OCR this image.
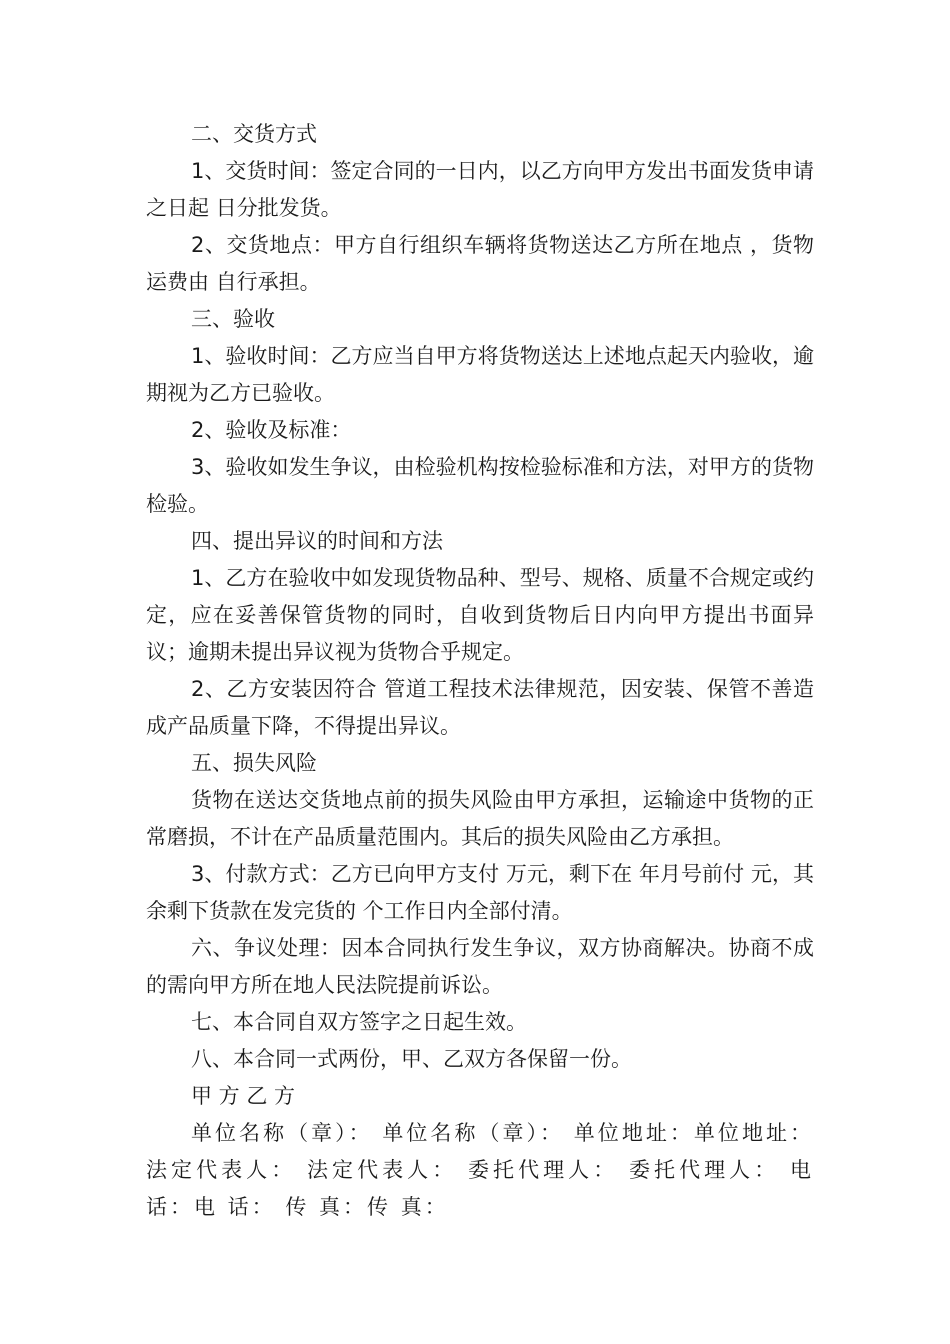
二、交货方式

1、交货时间：签定合同的一日内，以乙方向甲方发出书面发货申请之日起 日分批发货。

2、交货地点：甲方自行组织车辆将货物送达乙方所在地点 ，货物运费由 自行承担。

三、验收

1、验收时间：乙方应当自甲方将货物送达上述地点起天内验收，逾期视为乙方已验收。

2、验收及标准：

3、验收如发生争议，由检验机构按检验标准和方法，对甲方的货物检验。

四、提出异议的时间和方法

1、乙方在验收中如发现货物品种、型号、规格、质量不合规定或约定，应在妥善保管货物的同时，自收到货物后日内向甲方提出书面异议；逾期未提出异议视为货物合乎规定。

2、乙方安装因符合 管道工程技术法律规范，因安装、保管不善造成产品质量下降，不得提出异议。

五、损失风险

货物在送达交货地点前的损失风险由甲方承担，运输途中货物的正常磨损，不计在产品质量范围内。其后的损失风险由乙方承担。

3、付款方式：乙方已向甲方支付 万元，剩下在 年月号前付 元，其余剩下货款在发完货的 个工作日内全部付清。

六、争议处理：因本合同执行发生争议，双方协商解决。协商不成的需向甲方所在地人民法院提前诉讼。

七、本合同自双方签字之日起生效。

八、本合同一式两份，甲、乙双方各保留一份。

甲 方 乙 方

单位名称（章）： 单位名称（章）： 单位地址：单位地址：法定代表人： 法定代表人： 委托代理人： 委托代理人： 电 话：电 话： 传 真：传 真：
